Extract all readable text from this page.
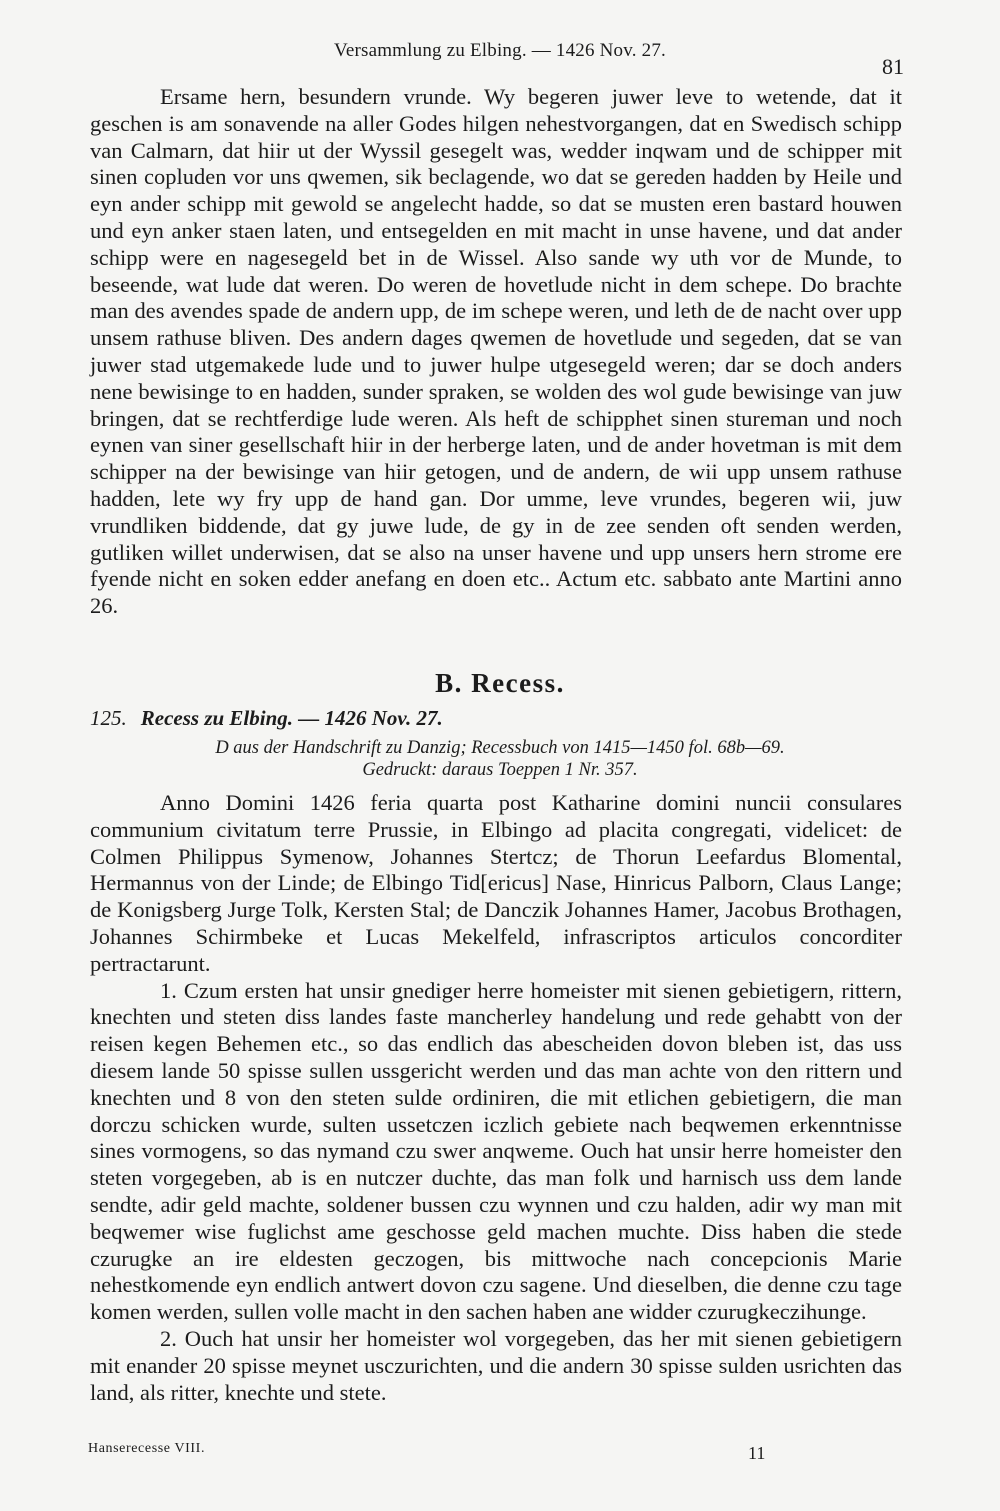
Versammlung zu Elbing. — 1426 Nov. 27.
81

Ersame hern, besundern vrunde. Wy begeren juwer leve to wetende, dat it geschen is am sonavende na aller Godes hilgen nehestvorgangen, dat en Swedisch schipp van Calmarn, dat hiir ut der Wyssil gesegelt was, wedder inqwam und de schipper mit sinen copluden vor uns qwemen, sik beclagende, wo dat se gereden hadden by Heile und eyn ander schipp mit gewold se angelecht hadde, so dat se musten eren bastard houwen und eyn anker staen laten, und entsegelden en mit macht in unse havene, und dat ander schipp were en nagesegeld bet in de Wissel. Also sande wy uth vor de Munde, to beseende, wat lude dat weren. Do weren de hovetlude nicht in dem schepe. Do brachte man des avendes spade de andern upp, de im schepe weren, und leth de de nacht over upp unsem rathuse bliven. Des andern dages qwemen de hovetlude und segeden, dat se van juwer stad utgemakede lude und to juwer hulpe utgesegeld weren; dar se doch anders nene bewisinge to en hadden, sunder spraken, se wolden des wol gude bewisinge van juw bringen, dat se rechtferdige lude weren. Als heft de schipphet sinen stureman und noch eynen van siner gesellschaft hiir in der herberge laten, und de ander hovetman is mit dem schipper na der bewisinge van hiir getogen, und de andern, de wii upp unsem rathuse hadden, lete wy fry upp de hand gan. Dor umme, leve vrundes, begeren wii, juw vrundliken biddende, dat gy juwe lude, de gy in de zee senden oft senden werden, gutliken willet underwisen, dat se also na unser havene und upp unsers hern strome ere fyende nicht en soken edder anefang en doen etc.. Actum etc. sabbato ante Martini anno 26.

B. Recess.
125. Recess zu Elbing. — 1426 Nov. 27.
D aus der Handschrift zu Danzig; Recessbuch von 1415—1450 fol. 68b—69.
Gedruckt: daraus Toeppen 1 Nr. 357.

Anno Domini 1426 feria quarta post Katharine domini nuncii consulares communium civitatum terre Prussie, in Elbingo ad placita congregati, videlicet: de Colmen Philippus Symenow, Johannes Stertcz; de Thorun Leefardus Blomental, Hermannus von der Linde; de Elbingo Tid[ericus] Nase, Hinricus Palborn, Claus Lange; de Konigsberg Jurge Tolk, Kersten Stal; de Danczik Johannes Hamer, Jacobus Brothagen, Johannes Schirmbeke et Lucas Mekelfeld, infrascriptos articulos concorditer pertractarunt.

1. Czum ersten hat unsir gnediger herre homeister mit sienen gebietigern, rittern, knechten und steten diss landes faste mancherley handelung und rede gehabtt von der reisen kegen Behemen etc., so das endlich das abescheiden dovon bleben ist, das uss diesem lande 50 spisse sullen ussgericht werden und das man achte von den rittern und knechten und 8 von den steten sulde ordiniren, die mit etlichen gebietigern, die man dorczu schicken wurde, sulten ussetczen iczlich gebiete nach beqwemen erkenntnisse sines vormogens, so das nymand czu swer anqweme. Ouch hat unsir herre homeister den steten vorgegeben, ab is en nutczer duchte, das man folk und harnisch uss dem lande sendte, adir geld machte, soldener bussen czu wynnen und czu halden, adir wy man mit beqwemer wise fuglichst ame geschosse geld machen muchte. Diss haben die stede czurugke an ire eldesten geczogen, bis mittwoche nach concepcionis Marie nehestkomende eyn endlich antwert dovon czu sagene. Und dieselben, die denne czu tage komen werden, sullen volle macht in den sachen haben ane widder czurugkeczihunge.

2. Ouch hat unsir her homeister wol vorgegeben, das her mit sienen gebietigern mit enander 20 spisse meynet usczurichten, und die andern 30 spisse sulden usrichten das land, als ritter, knechte und stete.

Hanserecesse VIII.	11
